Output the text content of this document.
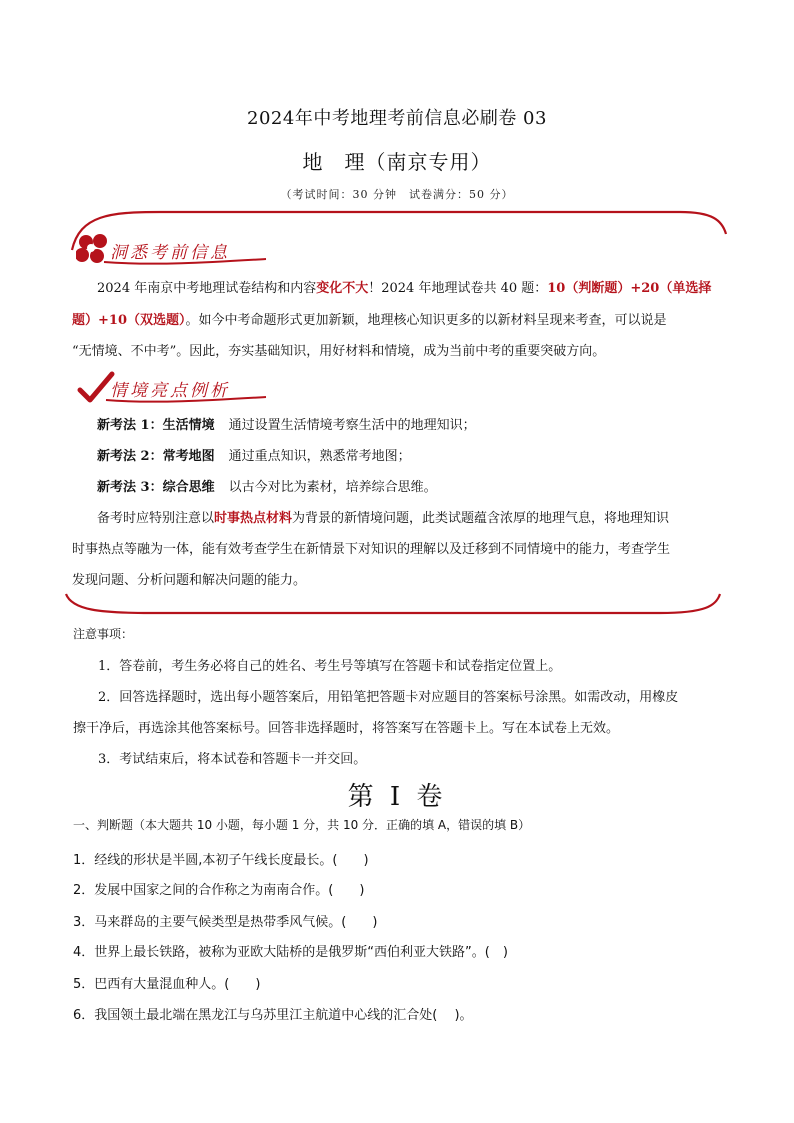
2024年中考地理考前信息必刷卷 03
地　理（南京专用）
（考试时间：30 分钟　试卷满分：50 分）
洞悉考前信息
2024 年南京中考地理试卷结构和内容变化不大！2024 年地理试卷共 40 题：10（判断题）+20（单选择
题）+10（双选题）。如今中考命题形式更加新颖，地理核心知识更多的以新材料呈现来考查，可以说是
“无情境、不中考”。因此，夯实基础知识，用好材料和情境，成为当前中考的重要突破方向。
情境亮点例析
新考法 1：生活情境 通过设置生活情境考察生活中的地理知识；
新考法 2：常考地图 通过重点知识，熟悉常考地图；
新考法 3：综合思维 以古今对比为素材，培养综合思维。
备考时应特别注意以时事热点材料为背景的新情境问题，此类试题蕴含浓厚的地理气息，将地理知识
时事热点等融为一体，能有效考查学生在新情景下对知识的理解以及迁移到不同情境中的能力，考查学生
发现问题、分析问题和解决问题的能力。
注意事项：
1．答卷前，考生务必将自己的姓名、考生号等填写在答题卡和试卷指定位置上。
2．回答选择题时，选出每小题答案后，用铅笔把答题卡对应题目的答案标号涂黑。如需改动，用橡皮
擦干净后，再选涂其他答案标号。回答非选择题时，将答案写在答题卡上。写在本试卷上无效。
3．考试结束后，将本试卷和答题卡一并交回。
第 I 卷
一、判断题（本大题共 10 小题，每小题 1 分，共 10 分．正确的填 A，错误的填 B）
1．经线的形状是半圆,本初子午线长度最长。(　　)
2．发展中国家之间的合作称之为南南合作。(　　)
3．马来群岛的主要气候类型是热带季风气候。(　　)
4．世界上最长铁路，被称为亚欧大陆桥的是俄罗斯“西伯利亚大铁路”。(　)
5．巴西有大量混血种人。(　　)
6．我国领土最北端在黑龙江与乌苏里江主航道中心线的汇合处(　 )。
